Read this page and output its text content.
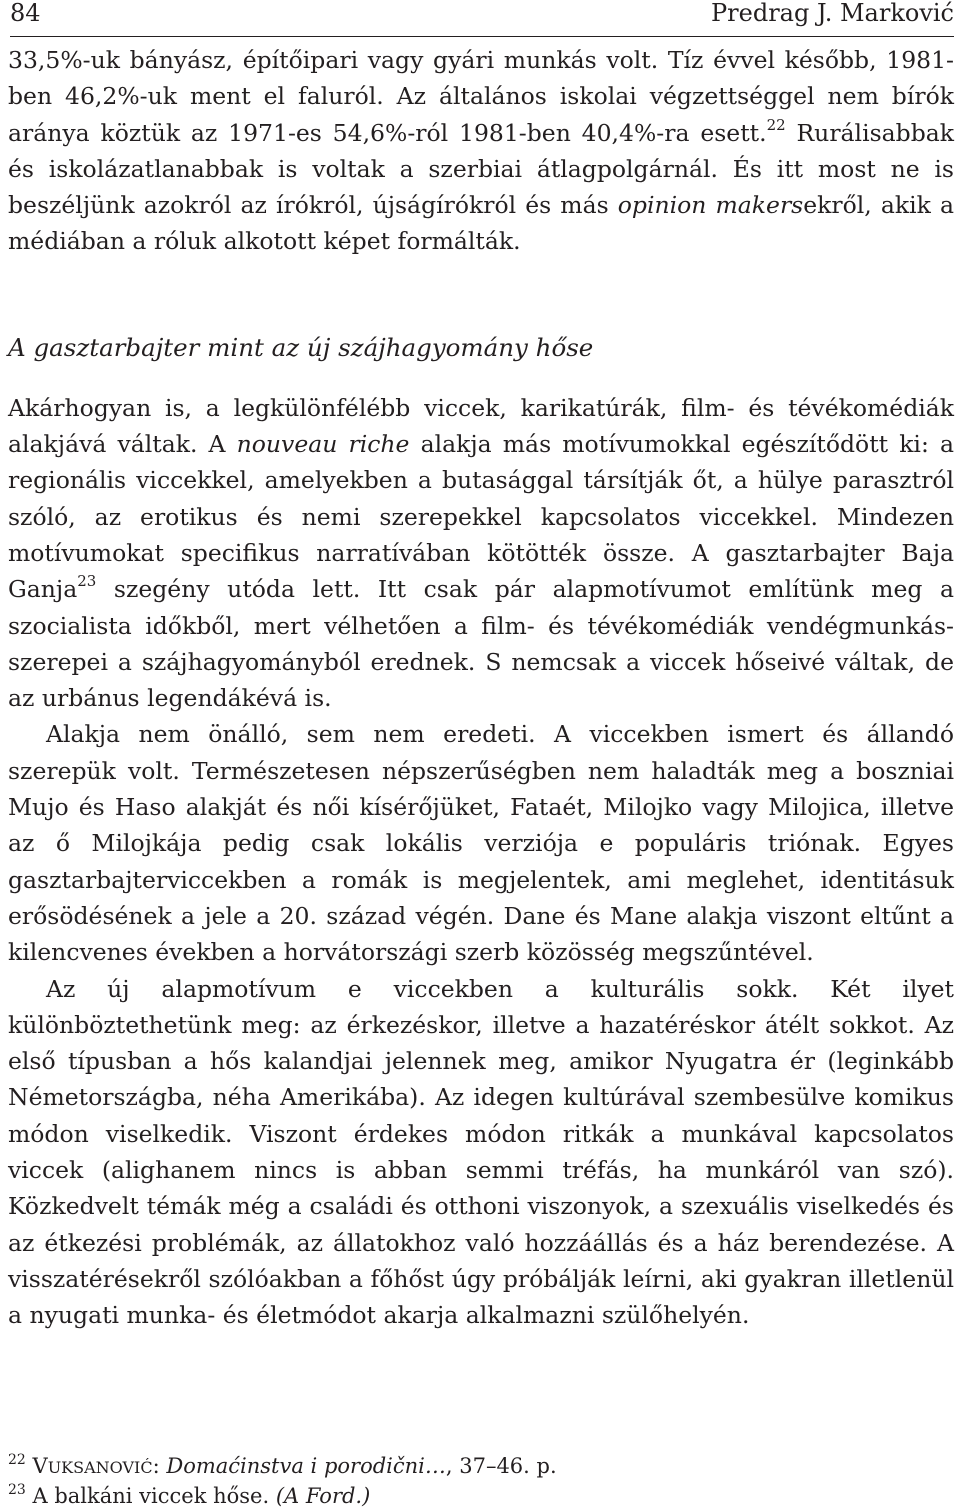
84	Predrag J. Marković

33,5%-uk bányász, építőipari vagy gyári munkás volt. Tíz évvel később, 1981-ben 46,2%-uk ment el faluról. Az általános iskolai végzettséggel nem bírók aránya köztük az 1971-es 54,6%-ról 1981-ben 40,4%-ra esett.$^{22}$ Rurálisabbak és iskolázatlanabbak is voltak a szerbiai átlagpolgárnál. És itt most ne is beszéljünk azokról az írókról, újságírókról és más opinion makersekről, akik a médiában a róluk alkotott képet formálták.

A gasztarbajter mint az új szájhagyomány hőse

Akárhogyan is, a legkülönfélébb viccek, karikatúrák, film- és tévékomédiák alakjává váltak. A nouveau riche alakja más motívumokkal egészítődött ki: a regionális viccekkel, amelyekben a butasággal társítják őt, a hülye parasztról szóló, az erotikus és nemi szerepekkel kapcsolatos viccekkel. Mindezen motívumokat specifikus narratívában kötötték össze. A gasztarbajter Baja Ganja$^{23}$ szegény utóda lett. Itt csak pár alapmotívumot említünk meg a szocialista időkből, mert vélhetően a film- és tévékomédiák vendégmunkás-szerepei a szájhagyományból erednek. S nemcsak a viccek hőseivé váltak, de az urbánus legendákévá is.

Alakja nem önálló, sem nem eredeti. A viccekben ismert és állandó szerepük volt. Természetesen népszerűségben nem haladták meg a boszniai Mujo és Haso alakját és női kísérőjüket, Fataét, Milojko vagy Milojica, illetve az ő Milojkája pedig csak lokális verziója e populáris triónak. Egyes gasztarbajterviccekben a romák is megjelentek, ami meglehet, identitásuk erősödésének a jele a 20. század végén. Dane és Mane alakja viszont eltűnt a kilencvenes években a horvátországi szerb közösség megszűntével.

Az új alapmotívum e viccekben a kulturális sokk. Két ilyet különböztethetünk meg: az érkezéskor, illetve a hazatéréskor átélt sokkot. Az első típusban a hős kalandjai jelennek meg, amikor Nyugatra ér (leginkább Németországba, néha Amerikába). Az idegen kultúrával szembesülve komikus módon viselkedik. Viszont érdekes módon ritkák a munkával kapcsolatos viccek (alighanem nincs is abban semmi tréfás, ha munkáról van szó). Közkedvelt témák még a családi és otthoni viszonyok, a szexuális viselkedés és az étkezési problémák, az állatokhoz való hozzáállás és a ház berendezése. A visszatérésekről szólóakban a főhőst úgy próbálják leírni, aki gyakran illetlenül a nyugati munka- és életmódot akarja alkalmazni szülőhelyén.

$^{22}$ VUKSANOVIĆ: Domaćinstva i porodični…, 37–46. p.
$^{23}$ A balkáni viccek hőse. (A Ford.)
